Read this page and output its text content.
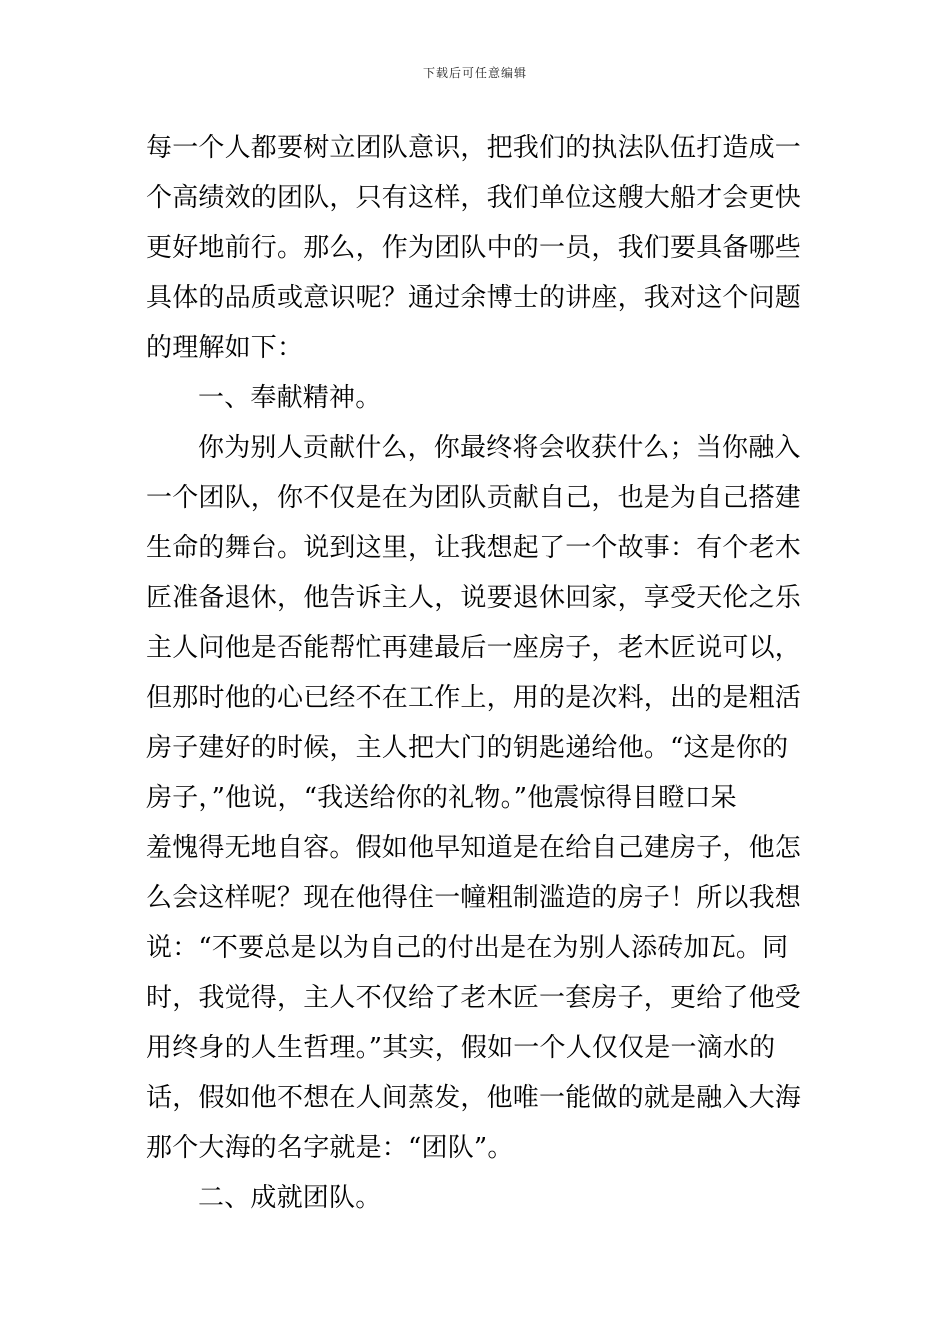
下载后可任意编辑
每一个人都要树立团队意识，把我们的执法队伍打造成一
个高绩效的团队，只有这样，我们单位这艘大船才会更快
更好地前行。那么，作为团队中的一员，我们要具备哪些
具体的品质或意识呢？通过余博士的讲座，我对这个问题
的理解如下：
一、奉献精神。
你为别人贡献什么，你最终将会收获什么；当你融入
一个团队，你不仅是在为团队贡献自己，也是为自己搭建
生命的舞台。说到这里，让我想起了一个故事：有个老木
匠准备退休，他告诉主人，说要退休回家，享受天伦之乐
主人问他是否能帮忙再建最后一座房子，老木匠说可以，
但那时他的心已经不在工作上，用的是次料，出的是粗活
房子建好的时候，主人把大门的钥匙递给他。“这是你的
房子，”他说，“我送给你的礼物。”他震惊得目瞪口呆
羞愧得无地自容。假如他早知道是在给自己建房子，他怎
么会这样呢？现在他得住一幢粗制滥造的房子！所以我想
说：“不要总是以为自己的付出是在为别人添砖加瓦。同
时，我觉得，主人不仅给了老木匠一套房子，更给了他受
用终身的人生哲理。”其实，假如一个人仅仅是一滴水的
话，假如他不想在人间蒸发，他唯一能做的就是融入大海
那个大海的名字就是：“团队”。
二、成就团队。
